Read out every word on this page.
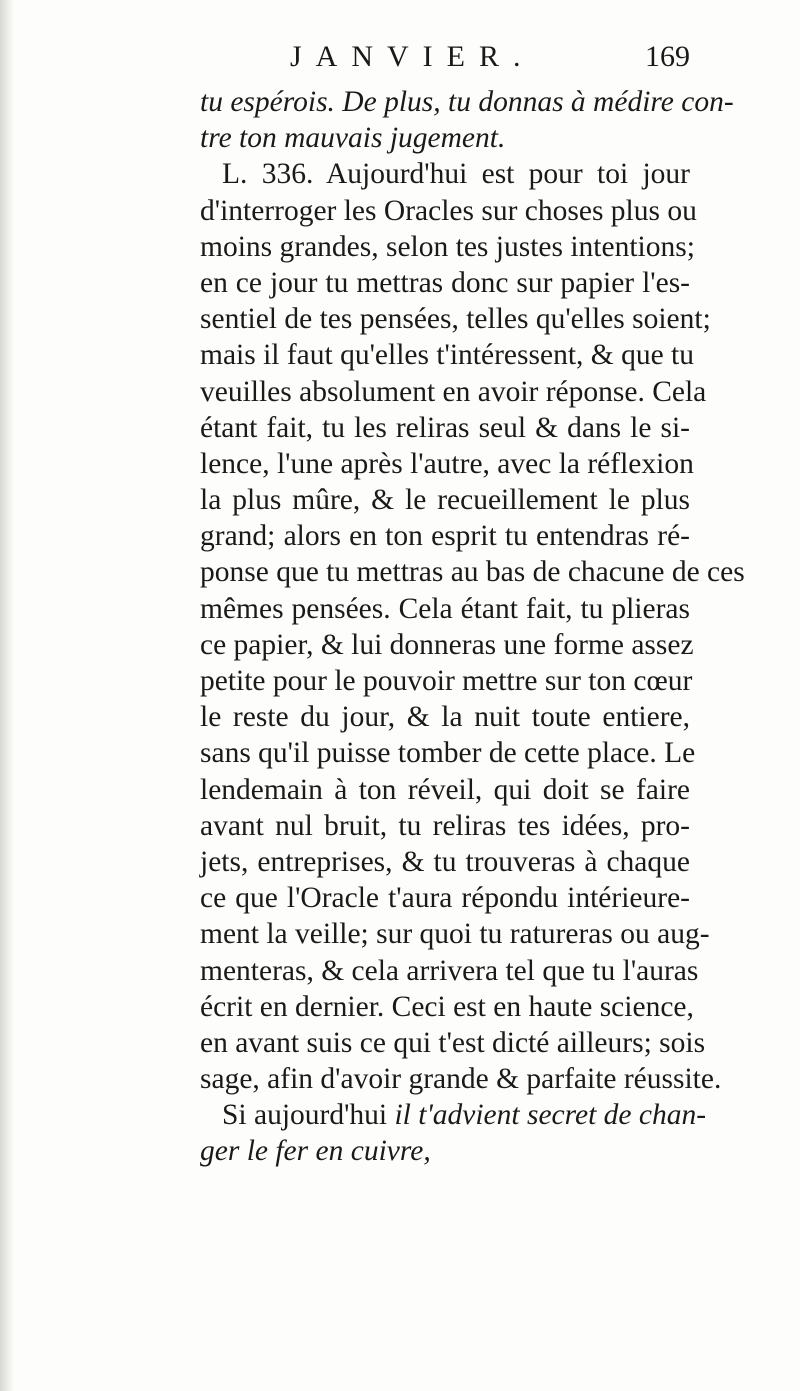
JANVIER.	169
tu espérois. De plus, tu donnas à médire con-
tre ton mauvais jugement.
L. 336. Aujourd'hui est pour toi jour
d'interroger les Oracles sur choses plus ou
moins grandes, selon tes justes intentions;
en ce jour tu mettras donc sur papier l'es-
sentiel de tes pensées, telles qu'elles soient;
mais il faut qu'elles t'intéressent, & que tu
veuilles absolument en avoir réponse. Cela
étant fait, tu les reliras seul & dans le si-
lence, l'une après l'autre, avec la réflexion
la plus mûre, & le recueillement le plus
grand; alors en ton esprit tu entendras ré-
ponse que tu mettras au bas de chacune de ces
mêmes pensées. Cela étant fait, tu plieras
ce papier, & lui donneras une forme assez
petite pour le pouvoir mettre sur ton cœur
le reste du jour, & la nuit toute entiere,
sans qu'il puisse tomber de cette place. Le
lendemain à ton réveil, qui doit se faire
avant nul bruit, tu reliras tes idées, pro-
jets, entreprises, & tu trouveras à chaque
ce que l'Oracle t'aura répondu intérieure-
ment la veille; sur quoi tu ratureras ou aug-
menteras, & cela arrivera tel que tu l'auras
écrit en dernier. Ceci est en haute science,
en avant suis ce qui t'est dicté ailleurs; sois
sage, afin d'avoir grande & parfaite réussite.
Si aujourd'hui il t'advient secret de chan-
ger le fer en cuivre,
